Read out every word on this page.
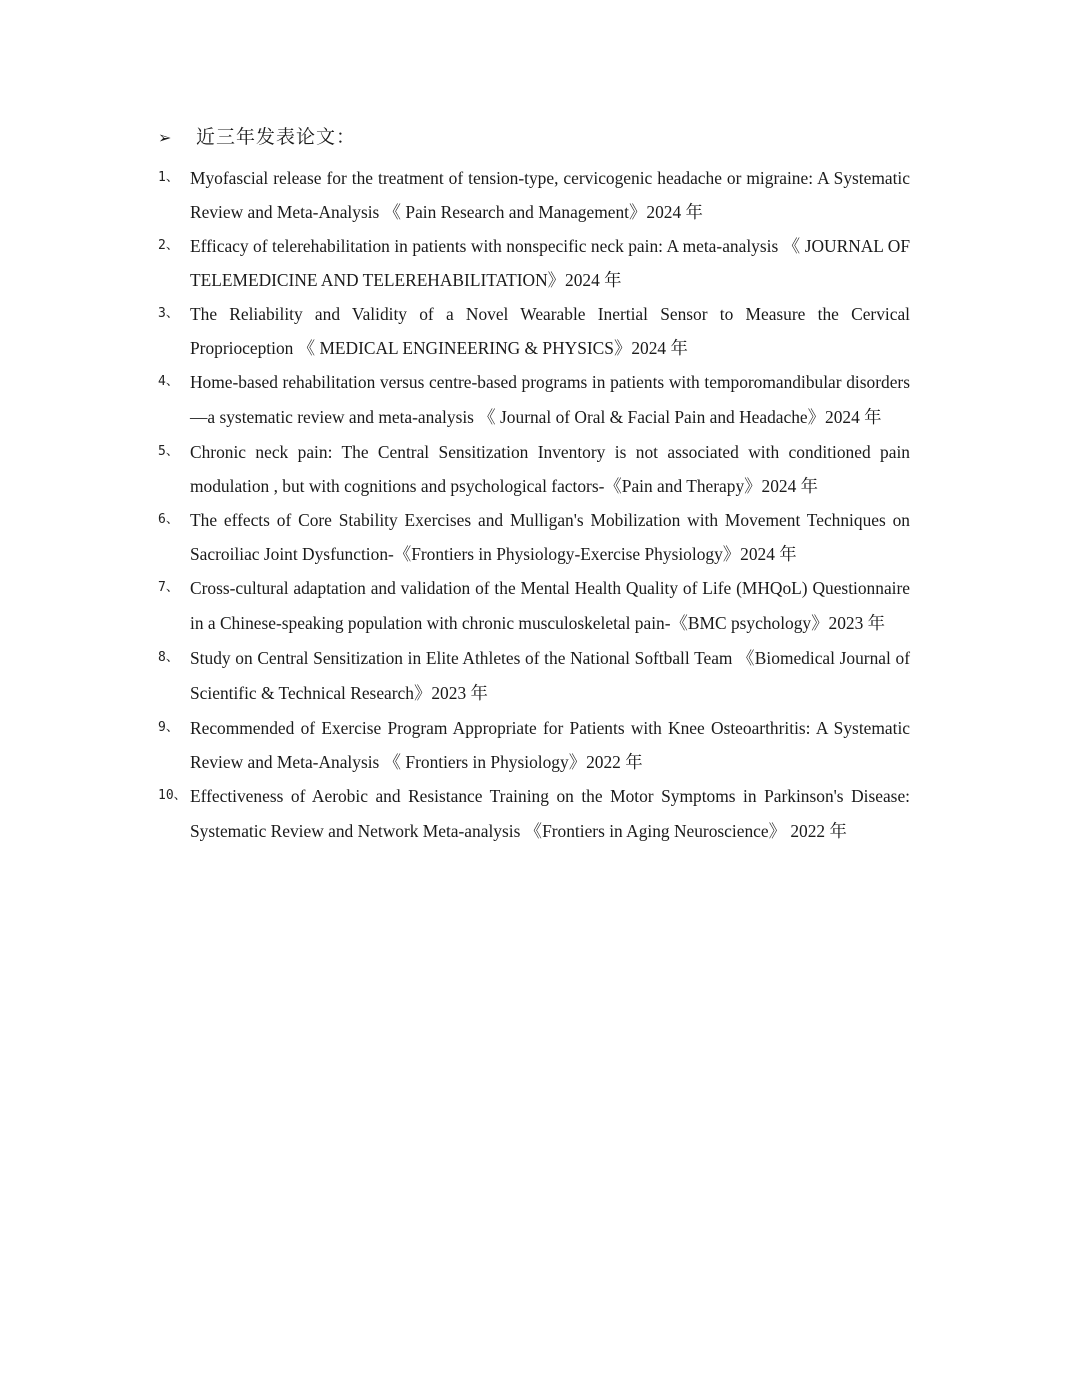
➢ 近三年发表论文：
1、 Myofascial release for the treatment of tension-type, cervicogenic headache or migraine: A Systematic Review and Meta-Analysis 《 Pain Research and Management》2024 年
2、 Efficacy of telerehabilitation in patients with nonspecific neck pain: A meta-analysis 《 JOURNAL OF TELEMEDICINE AND TELEREHABILITATION》2024 年
3、 The Reliability and Validity of a Novel Wearable Inertial Sensor to Measure the Cervical Proprioception 《 MEDICAL ENGINEERING & PHYSICS》2024 年
4、 Home-based rehabilitation versus centre-based programs in patients with temporomandibular disorders—a systematic review and meta-analysis 《 Journal of Oral & Facial Pain and Headache》2024 年
5、 Chronic neck pain: The Central Sensitization Inventory is not associated with conditioned pain modulation , but with cognitions and psychological factors-《Pain and Therapy》2024 年
6、 The effects of Core Stability Exercises and Mulligan's Mobilization with Movement Techniques on Sacroiliac Joint Dysfunction-《Frontiers in Physiology-Exercise Physiology》2024 年
7、 Cross-cultural adaptation and validation of the Mental Health Quality of Life (MHQoL) Questionnaire in a Chinese-speaking population with chronic musculoskeletal pain-《BMC psychology》2023 年
8、 Study on Central Sensitization in Elite Athletes of the National Softball Team 《Biomedical Journal of Scientific & Technical Research》2023 年
9、 Recommended of Exercise Program Appropriate for Patients with Knee Osteoarthritis: A Systematic Review and Meta-Analysis 《 Frontiers in Physiology》2022 年
10、 Effectiveness of Aerobic and Resistance Training on the Motor Symptoms in Parkinson's Disease: Systematic Review and Network Meta-analysis 《Frontiers in Aging Neuroscience》 2022 年
